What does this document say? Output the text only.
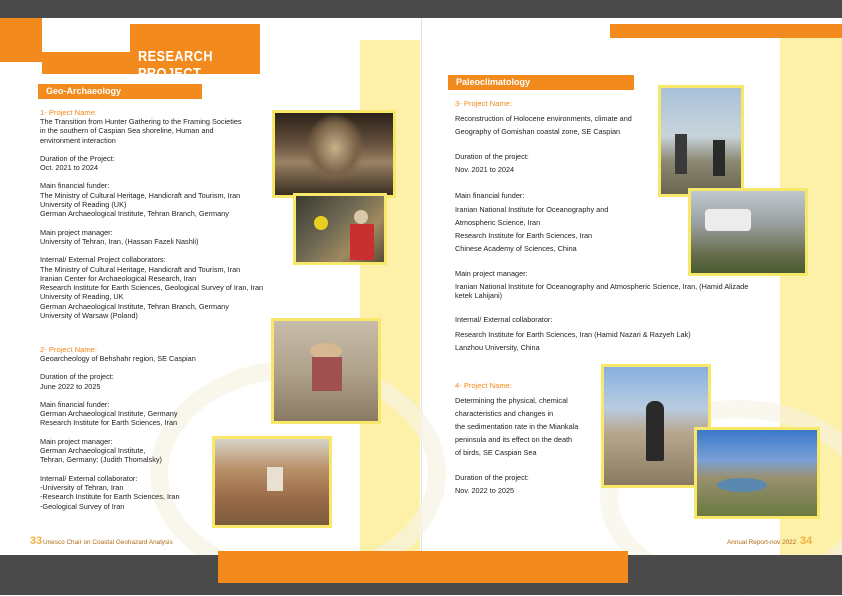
RESEARCH PROJECT
Geo-Archaeology
1- Project Name:
The Transition from Hunter Gathering to the Framing Societies
in the southern of Caspian Sea shoreline, Human and
environment interaction
Duration of the Project:
Oct. 2021 to 2024
Main financial funder:
The Ministry of Cultural Heritage, Handicraft and Tourism, Iran
University of Reading (UK)
German Archaeological Institute, Tehran Branch, Germany
Main project manager:
University of Tehran, Iran, (Hassan Fazeli Nashli)
Internal/ External Project collaborators:
The Ministry of Cultural Heritage, Handicraft and Tourism, Iran
Iranian Center for Archaeological Research, Iran
Research Institute for Earth Sciences, Geological Survey of Iran, Iran
University of Reading, UK
German Archaeological Institute, Tehran Branch, Germany
University of Warsaw (Poland)
2- Project Name:
Geoarcheology of Behshahr region, SE Caspian
Duration of the project:
June 2022 to 2025
Main financial funder:
German Archaeological Institute, Germany
Research Institute for Earth Sciences, Iran
Main project manager:
German Archaeological Institute,
Tehran, Germany: (Judith Thomalsky)
Internal/ External collaborator:
-University of Tehran, Iran
-Research Institute for Earth Sciences, Iran
-Geological Survey of Iran
33 Unesco Chair on Coastal Geohazard Analysis
Paleoclimatology
3- Project Name:
Reconstruction of Holocene environments, climate and
Geography of Gomishan coastal zone, SE Caspian
Duration of the project:
Nov. 2021 to 2024
Main financial funder:
Iranian National Institute for Oceanography and
Atmospheric Science, Iran
Research Institute for Earth Sciences, Iran
Chinese Academy of Sciences, China
Main project manager:
Iranian National Institute for Oceanography and Atmospheric Science, Iran, (Hamid Alizade
ketek Lahijani)
Internal/ External collaborator:
Research Institute for Earth Sciences, Iran (Hamid Nazari & Razyeh Lak)
Lanzhou University, China
4- Project Name:
Determining the physical, chemical
characteristics and changes in
the sedimentation rate in the Miankala
peninsula and its effect on the death
of birds, SE Caspian Sea
Duration of the project:
Nov. 2022 to 2025
Annual Report-nov 2022 34
